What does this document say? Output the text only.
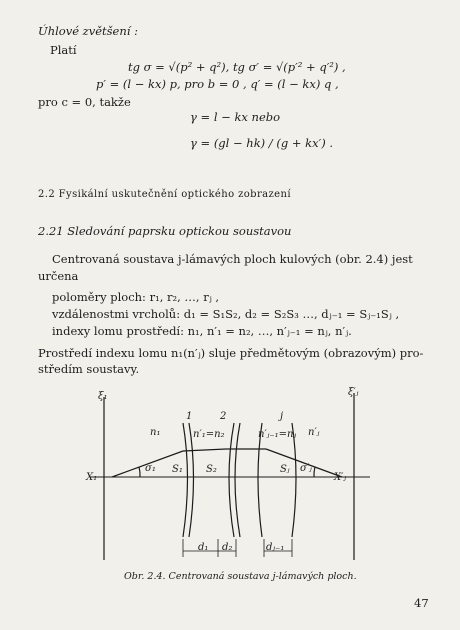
Úhlové zvětšení :
Platí
tg σ = √(p² + q²), tg σ′ = √(p′² + q′²) ,
p′ = (l − kx) p, pro b = 0 , q′ = (l − kx) q ,
pro c = 0, takže
γ = l − kx nebo
γ = (gl − hk) / (g + kx′) .
2.2 Fysikální uskutečnění optického zobrazení
2.21 Sledování paprsku optickou soustavou
Centrovaná soustava j-lámavých ploch kulových (obr. 2.4) jest
určena
poloměry ploch: r₁, r₂, …, rⱼ ,
vzdálenostmi vrcholů: d₁ = S₁S₂, d₂ = S₂S₃ …, dⱼ₋₁ = Sⱼ₋₁Sⱼ ,
indexy lomu prostředí: n₁, n′₁ = n₂, …, n′ⱼ₋₁ = nⱼ, n′ⱼ.
Prostředí indexu lomu n₁(n′ⱼ) sluje předmětovým (obrazovým) pro-
středím soustavy.
ξ₁	ξ′ⱼ
n₁	n′₁=n₂	n′ⱼ₋₁=nⱼ n′ⱼ
X₁	X′ⱼ
σ₁	σ′ⱼ
S₁ S₂	Sⱼ
1	2	j
d₁ d₂	dⱼ₋₁
Obr. 2.4. Centrovaná soustava j-lámavých ploch.
47
